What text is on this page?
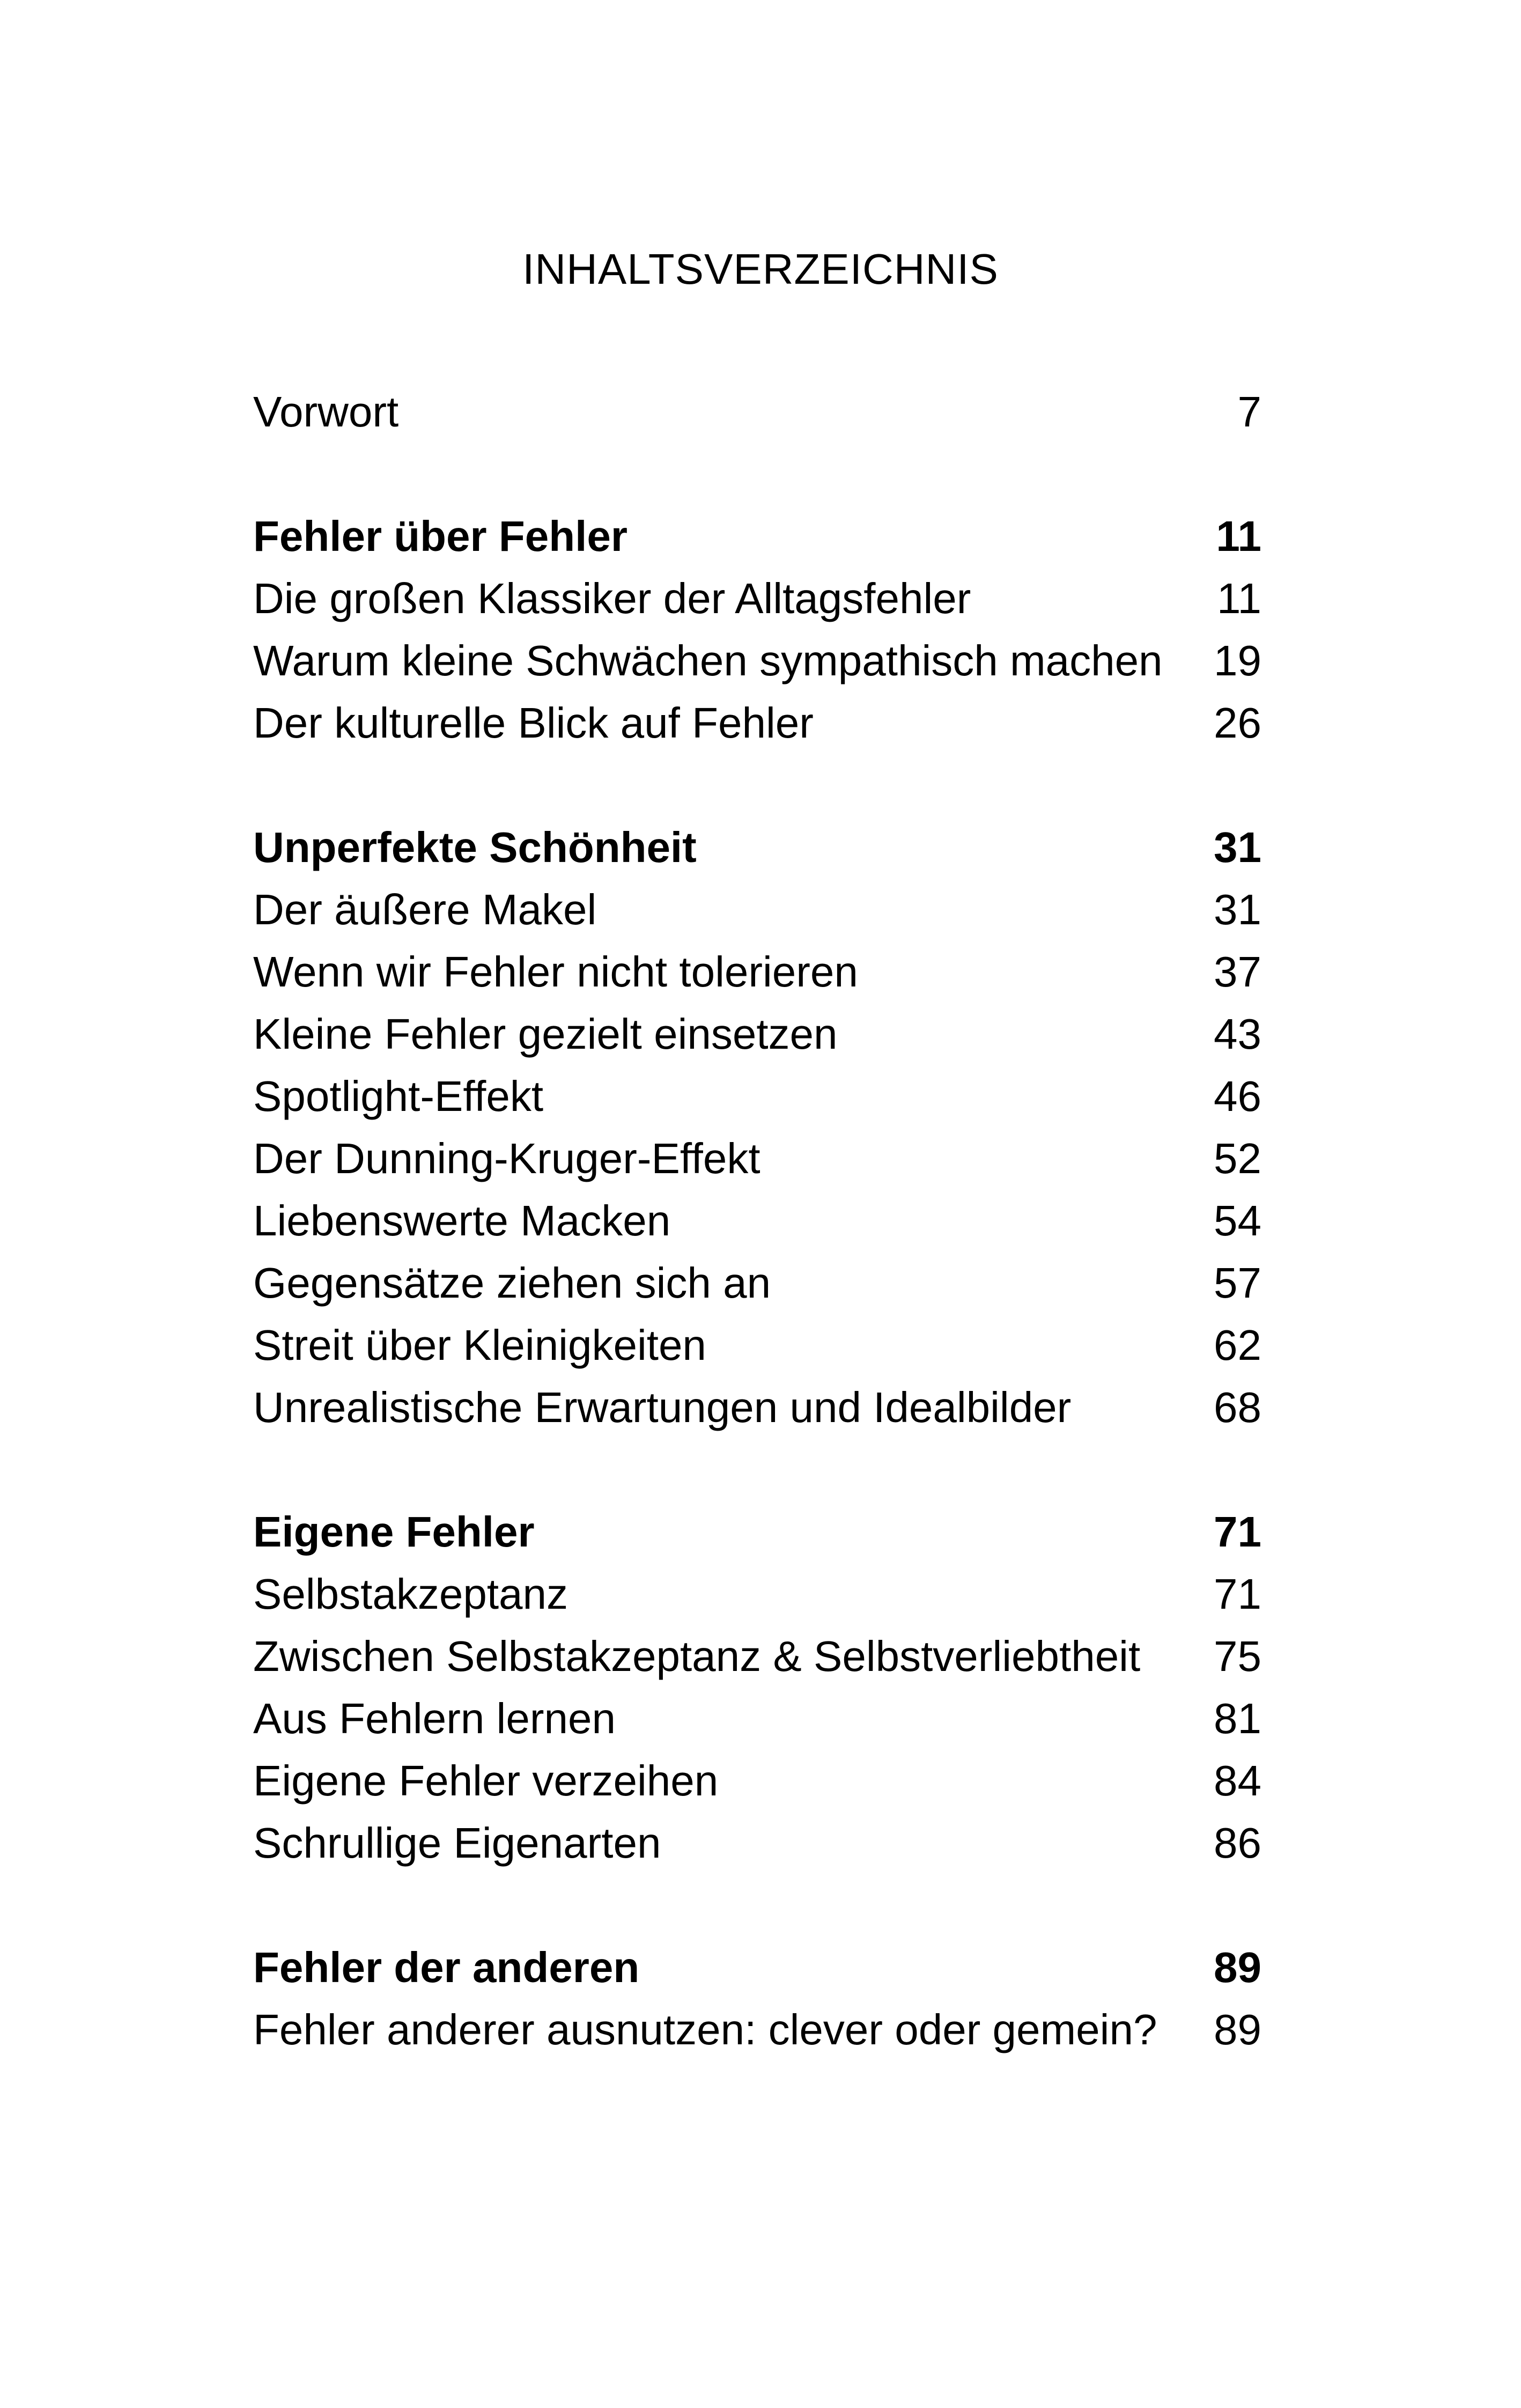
INHALTSVERZEICHNIS
Vorwort	7
Fehler über Fehler	11
Die großen Klassiker der Alltagsfehler	11
Warum kleine Schwächen sympathisch machen 19
Der kulturelle Blick auf Fehler	26
Unperfekte Schönheit	31
Der äußere Makel	31
Wenn wir Fehler nicht tolerieren	37
Kleine Fehler gezielt einsetzen	43
Spotlight-Effekt	46
Der Dunning-Kruger-Effekt	52
Liebenswerte Macken	54
Gegensätze ziehen sich an	57
Streit über Kleinigkeiten	62
Unrealistische Erwartungen und Idealbilder	68
Eigene Fehler	71
Selbstakzeptanz	71
Zwischen Selbstakzeptanz & Selbstverliebtheit 75
Aus Fehlern lernen	81
Eigene Fehler verzeihen	84
Schrullige Eigenarten	86
Fehler der anderen	89
Fehler anderer ausnutzen: clever oder gemein? 89
